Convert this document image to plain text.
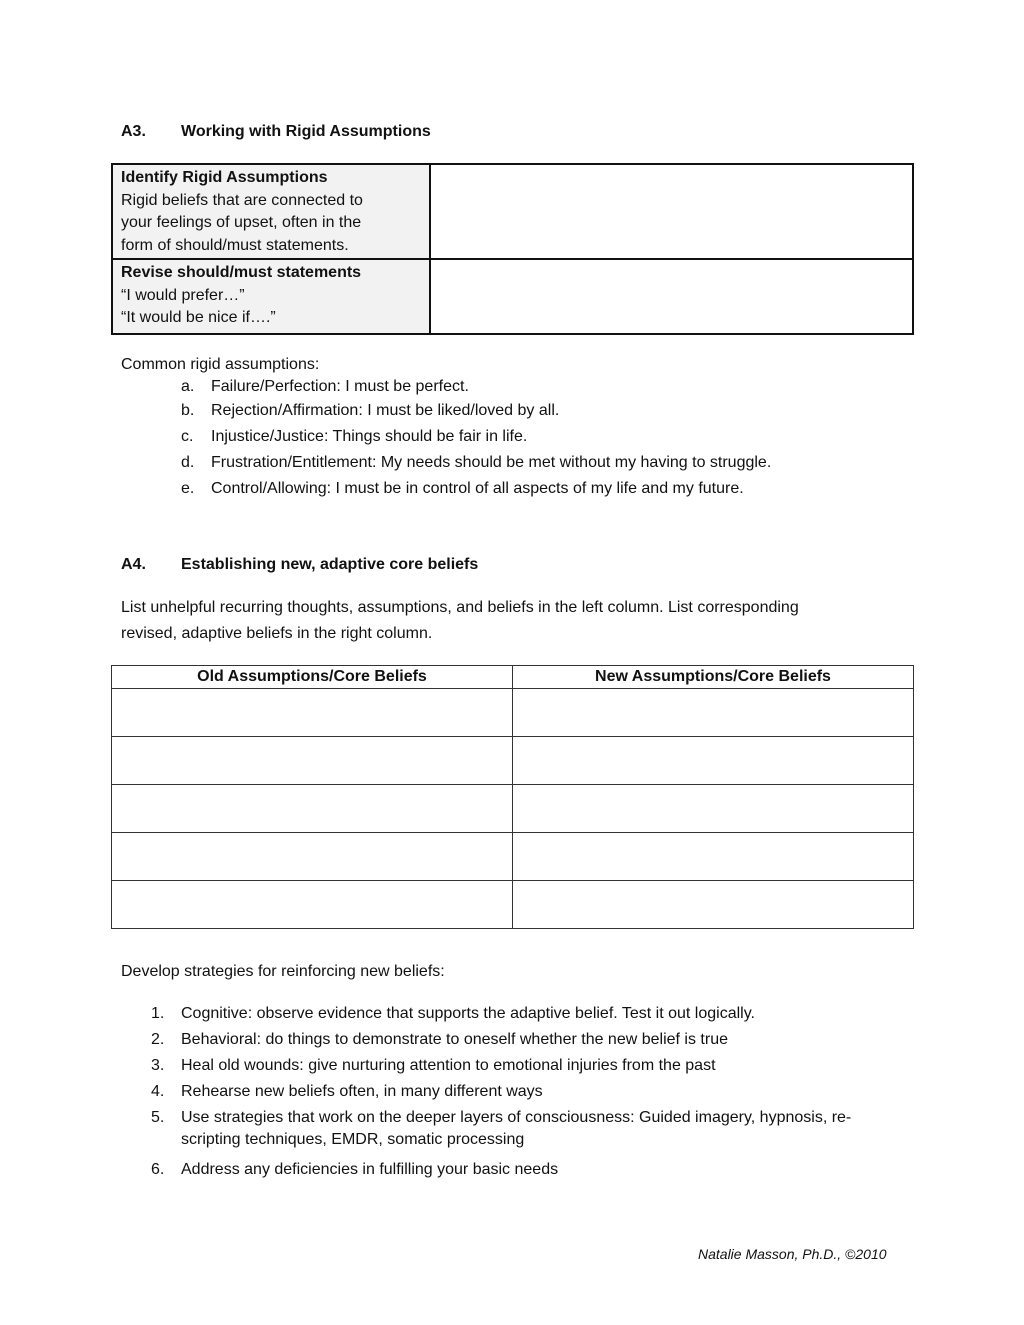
A3. Working with Rigid Assumptions
Identify Rigid Assumptions
Rigid beliefs that are connected to
your feelings of upset, often in the
form of should/must statements.	

Revise should/must statements
“I would prefer…”
“It would be nice if….”	

Common rigid assumptions:
a. Failure/Perfection: I must be perfect.
b. Rejection/Affirmation: I must be liked/loved by all.
c. Injustice/Justice: Things should be fair in life.
d. Frustration/Entitlement: My needs should be met without my having to struggle.
e. Control/Allowing: I must be in control of all aspects of my life and my future.
A4. Establishing new, adaptive core beliefs
List unhelpful recurring thoughts, assumptions, and beliefs in the left column. List corresponding
revised, adaptive beliefs in the right column.
Old Assumptions/Core Beliefs	New Assumptions/Core Beliefs

Develop strategies for reinforcing new beliefs:
1. Cognitive: observe evidence that supports the adaptive belief. Test it out logically.
2. Behavioral: do things to demonstrate to oneself whether the new belief is true
3. Heal old wounds: give nurturing attention to emotional injuries from the past
4. Rehearse new beliefs often, in many different ways
5. Use strategies that work on the deeper layers of consciousness: Guided imagery, hypnosis, re-
scripting techniques, EMDR, somatic processing
6. Address any deficiencies in fulfilling your basic needs
Natalie Masson, Ph.D., ©2010
